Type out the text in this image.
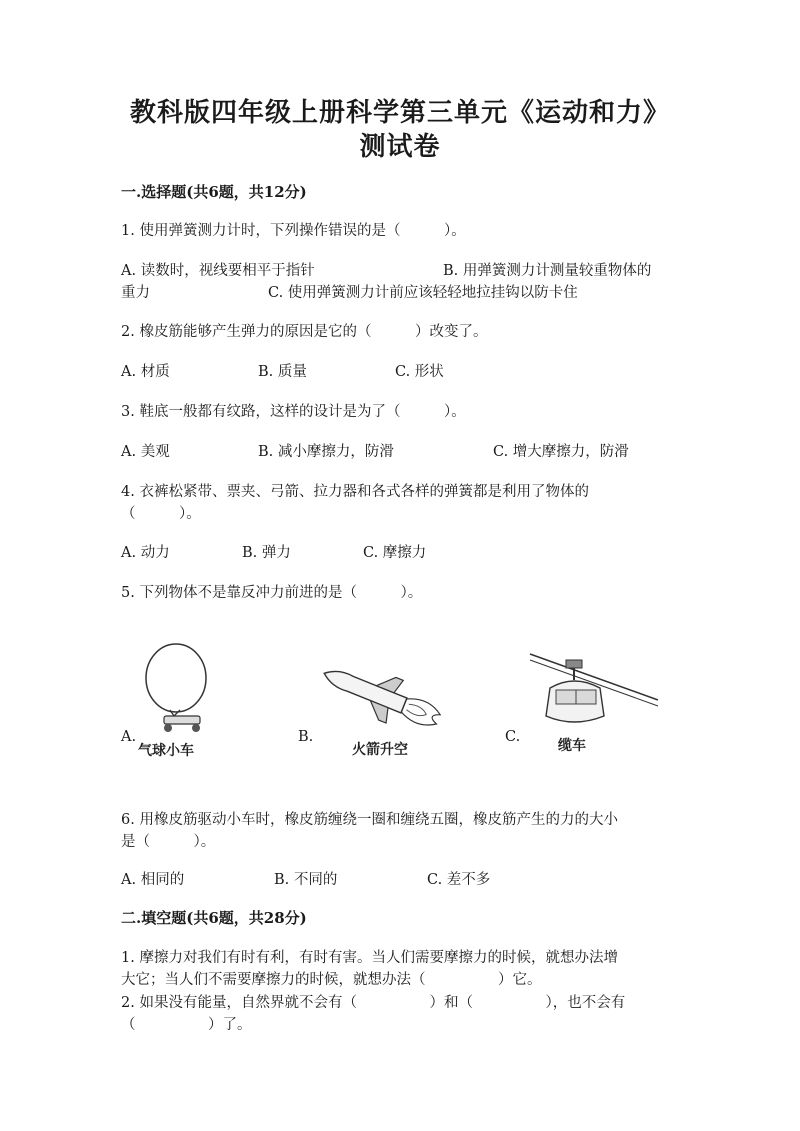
教科版四年级上册科学第三单元《运动和力》测试卷
一.选择题(共6题，共12分)
1. 使用弹簧测力计时，下列操作错误的是（　　　）。
A. 读数时，视线要相平于指针	B. 用弹簧测力计测量较重物体的
重力	C. 使用弹簧测力计前应该轻轻地拉挂钩以防卡住
2. 橡皮筋能够产生弹力的原因是它的（　　　）改变了。
A. 材质	B. 质量	C. 形状
3. 鞋底一般都有纹路，这样的设计是为了（　　　）。
A. 美观	B. 减小摩擦力，防滑	C. 增大摩擦力，防滑
4. 衣裤松紧带、票夹、弓箭、拉力器和各式各样的弹簧都是利用了物体的
（　　　）。
A. 动力	B. 弹力	C. 摩擦力
5. 下列物体不是靠反冲力前进的是（　　　）。
A.
气球小车
B.
火箭升空
C.
缆车
6. 用橡皮筋驱动小车时，橡皮筋缠绕一圈和缠绕五圈，橡皮筋产生的力的大小
是（　　　）。
A. 相同的	B. 不同的	C. 差不多
二.填空题(共6题，共28分)
1. 摩擦力对我们有时有利，有时有害。当人们需要摩擦力的时候，就想办法增
大它；当人们不需要摩擦力的时候，就想办法（　　　　　）它。
2. 如果没有能量，自然界就不会有（　　　　　）和（　　　　　），也不会有
（　　　　　）了。
